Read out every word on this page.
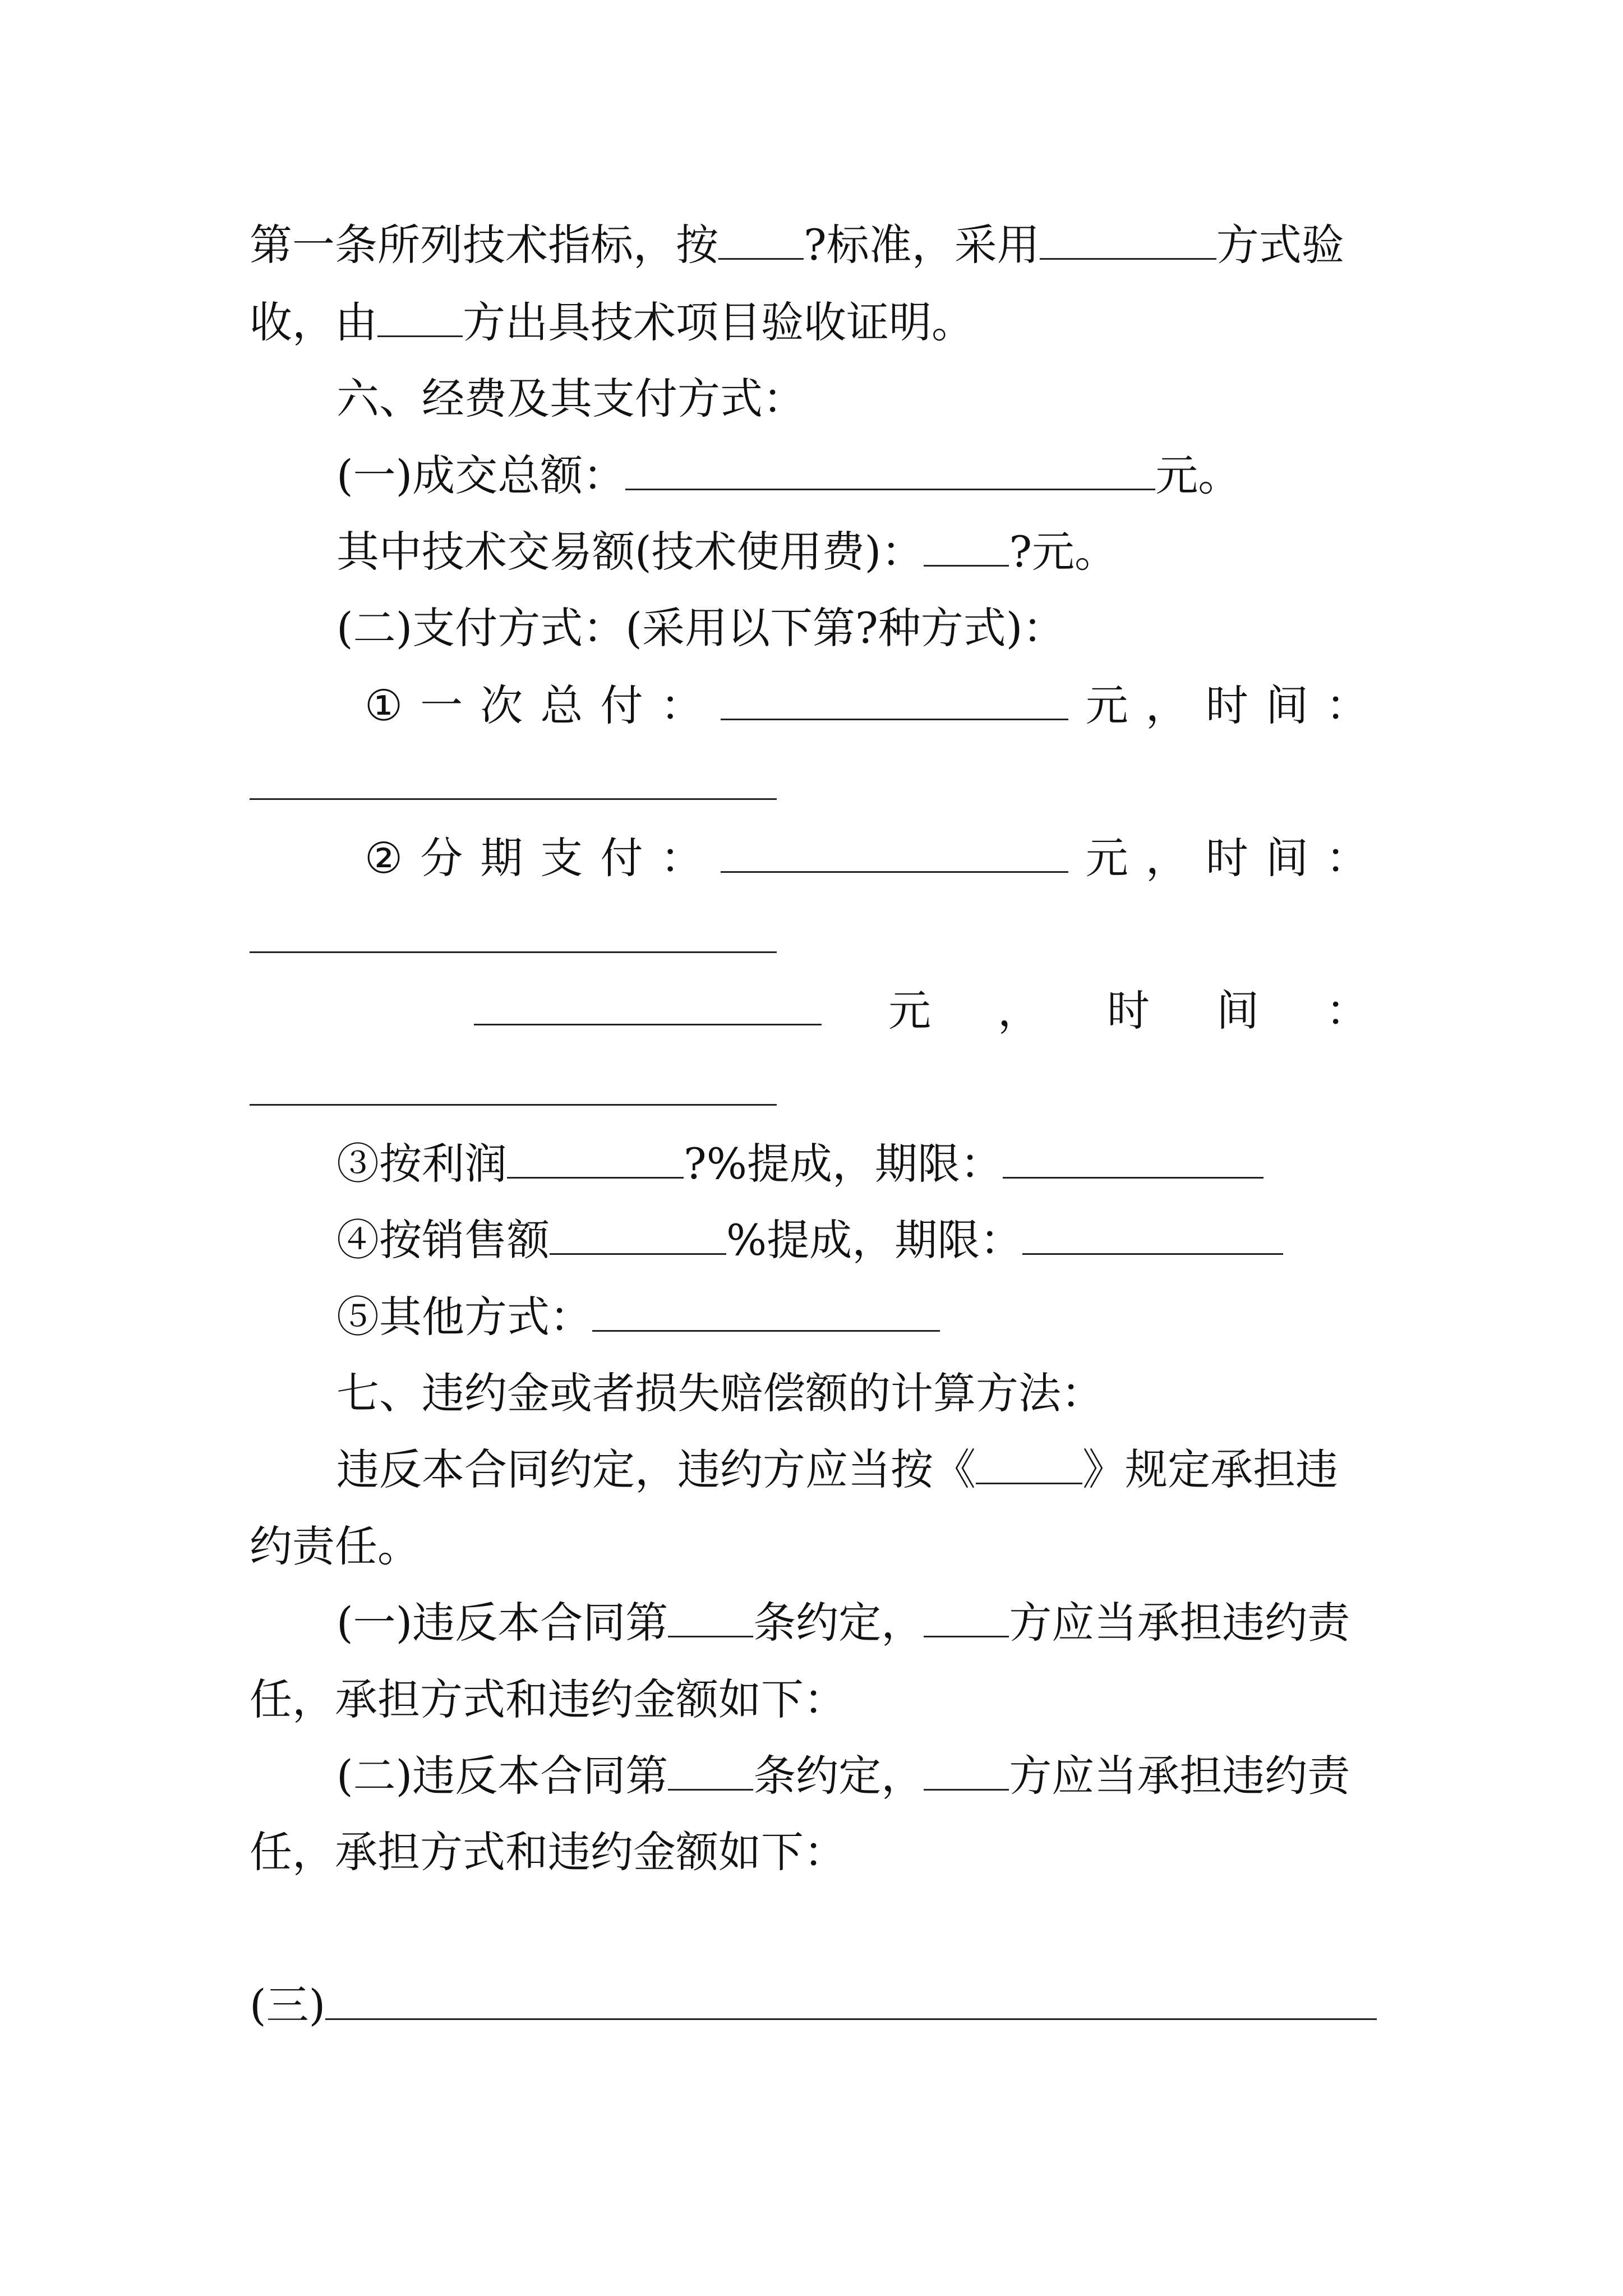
第一条所列技术指标，按 ?标准，采用	方式验
收，由 方出具技术项目验收证明。
六、经费及其支付方式：
(一)成交总额：	元。
其中技术交易额(技术使用费)： ?元。
(二)支付方式：(采用以下第?种方式)：
① 一 次 总 付 ：	元 ， 时 间 ：
② 分 期 支 付 ：	元 ， 时 间 ：
元 ， 时 间 ：
③按利润	?%提成，期限：
④按销售额	%提成，期限：
⑤其他方式：
七、违约金或者损失赔偿额的计算方法：
违反本合同约定，违约方应当按《	》规定承担违
约责任。
(一)违反本合同第 条约定， 方应当承担违约责
任，承担方式和违约金额如下：
(二)违反本合同第 条约定， 方应当承担违约责
任，承担方式和违约金额如下：
(三)
